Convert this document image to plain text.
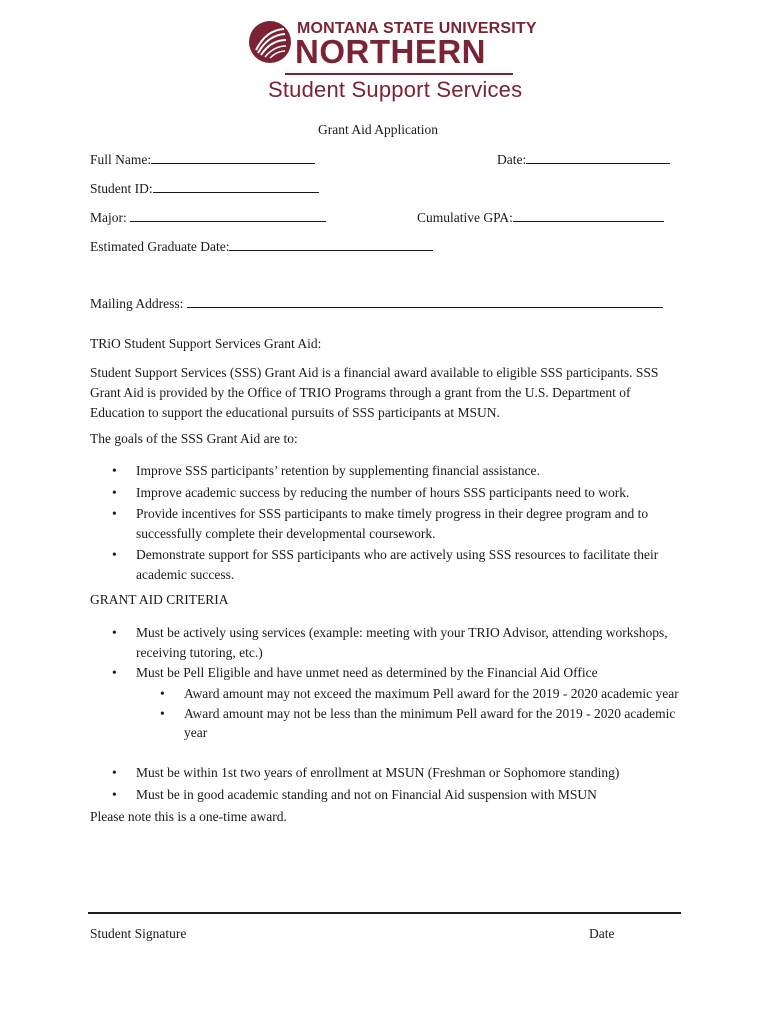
MONTANA STATE UNIVERSITY
NORTHERN
Student Support Services
Grant Aid Application
Full Name:	Date:
Student ID:
Major:	Cumulative GPA:
Estimated Graduate Date:
Mailing Address:
TRiO Student Support Services Grant Aid:
Student Support Services (SSS) Grant Aid is a financial award available to eligible SSS participants. SSS Grant Aid is provided by the Office of TRIO Programs through a grant from the U.S. Department of Education to support the educational pursuits of SSS participants at MSUN.
The goals of the SSS Grant Aid are to:
• Improve SSS participants’ retention by supplementing financial assistance.
• Improve academic success by reducing the number of hours SSS participants need to work.
• Provide incentives for SSS participants to make timely progress in their degree program and to successfully complete their developmental coursework.
• Demonstrate support for SSS participants who are actively using SSS resources to facilitate their academic success.
GRANT AID CRITERIA
• Must be actively using services (example: meeting with your TRIO Advisor, attending workshops, receiving tutoring, etc.)
• Must be Pell Eligible and have unmet need as determined by the Financial Aid Office
• Award amount may not exceed the maximum Pell award for the 2019 - 2020 academic year
• Award amount may not be less than the minimum Pell award for the 2019 - 2020 academic year
• Must be within 1st two years of enrollment at MSUN (Freshman or Sophomore standing)
• Must be in good academic standing and not on Financial Aid suspension with MSUN
Please note this is a one-time award.
Student Signature	Date
